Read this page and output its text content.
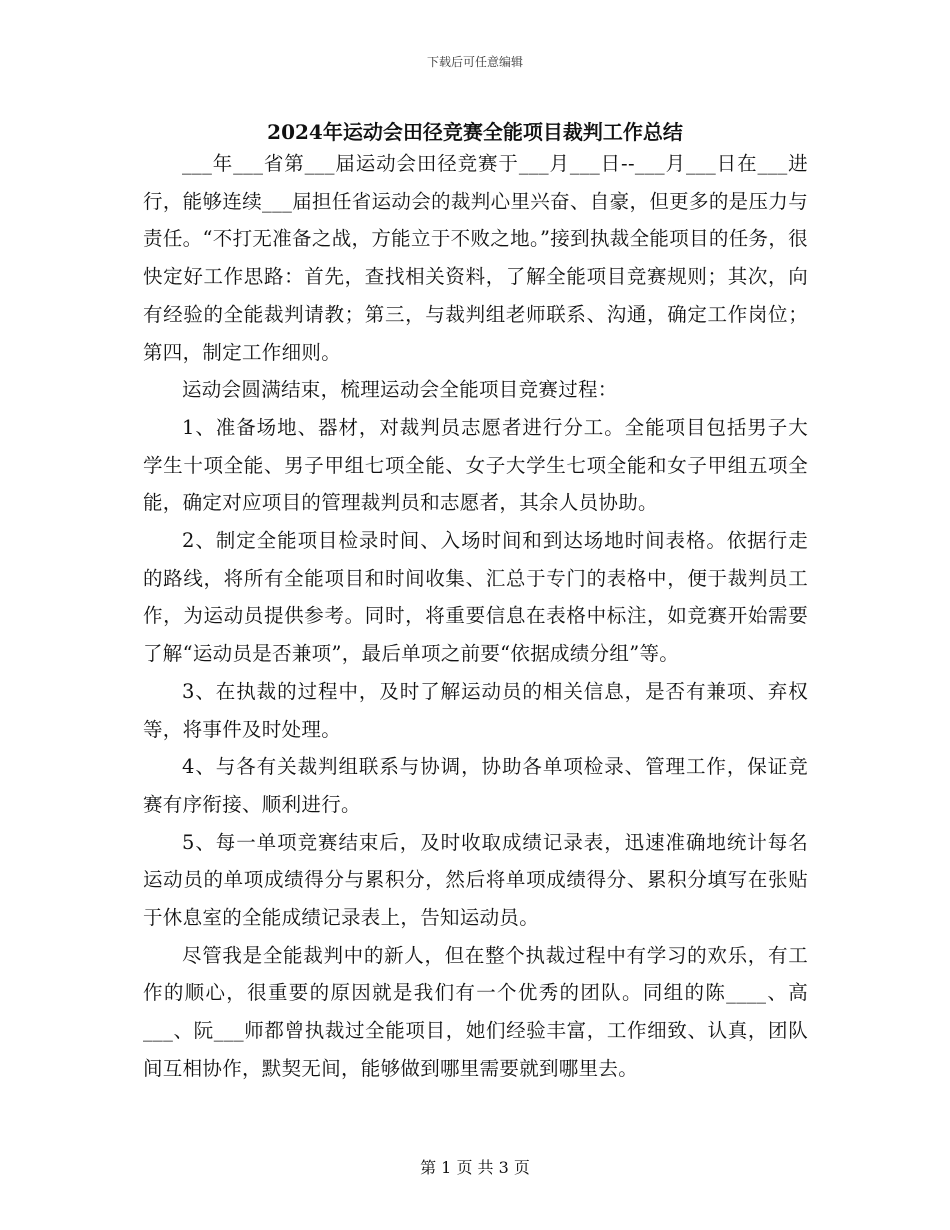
下载后可任意编辑
2024年运动会田径竞赛全能项目裁判工作总结

___年___省第___届运动会田径竞赛于___月___日--___月___日在___进行，能够连续___届担任省运动会的裁判心里兴奋、自豪，但更多的是压力与责任。“不打无准备之战，方能立于不败之地。”接到执裁全能项目的任务，很快定好工作思路：首先，查找相关资料，了解全能项目竞赛规则；其次，向有经验的全能裁判请教；第三，与裁判组老师联系、沟通，确定工作岗位；第四，制定工作细则。

运动会圆满结束，梳理运动会全能项目竞赛过程：

1、准备场地、器材，对裁判员志愿者进行分工。全能项目包括男子大学生十项全能、男子甲组七项全能、女子大学生七项全能和女子甲组五项全能，确定对应项目的管理裁判员和志愿者，其余人员协助。

2、制定全能项目检录时间、入场时间和到达场地时间表格。依据行走的路线，将所有全能项目和时间收集、汇总于专门的表格中，便于裁判员工作，为运动员提供参考。同时，将重要信息在表格中标注，如竞赛开始需要了解“运动员是否兼项”，最后单项之前要“依据成绩分组”等。

3、在执裁的过程中，及时了解运动员的相关信息，是否有兼项、弃权等，将事件及时处理。

4、与各有关裁判组联系与协调，协助各单项检录、管理工作，保证竞赛有序衔接、顺利进行。

5、每一单项竞赛结束后，及时收取成绩记录表，迅速准确地统计每名运动员的单项成绩得分与累积分，然后将单项成绩得分、累积分填写在张贴于休息室的全能成绩记录表上，告知运动员。

尽管我是全能裁判中的新人，但在整个执裁过程中有学习的欢乐，有工作的顺心，很重要的原因就是我们有一个优秀的团队。同组的陈____、高___、阮___师都曾执裁过全能项目，她们经验丰富，工作细致、认真，团队间互相协作，默契无间，能够做到哪里需要就到哪里去。

第 1 页 共 3 页
